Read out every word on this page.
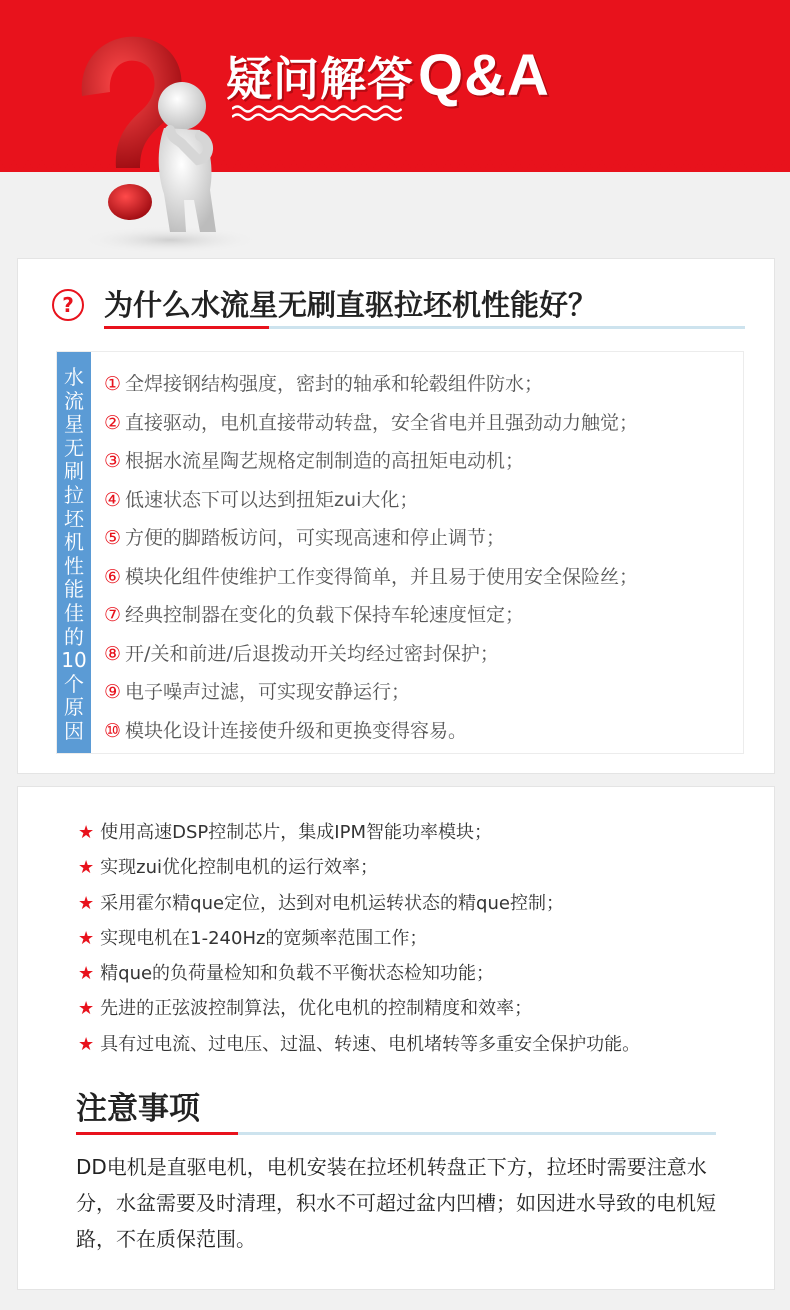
疑问解答Q&A
?	为什么水流星无刷直驱拉坯机性能好？
水
流
星
无
刷
拉
坯
机
性
能
佳
的
10
个
原
因
① 全焊接钢结构强度，密封的轴承和轮毂组件防水；
② 直接驱动，电机直接带动转盘，安全省电并且强劲动力触觉；
③ 根据水流星陶艺规格定制制造的高扭矩电动机；
④ 低速状态下可以达到扭矩zui大化；
⑤ 方便的脚踏板访问，可实现高速和停止调节；
⑥ 模块化组件使维护工作变得简单，并且易于使用安全保险丝；
⑦ 经典控制器在变化的负载下保持车轮速度恒定；
⑧ 开/关和前进/后退拨动开关均经过密封保护；
⑨ 电子噪声过滤，可实现安静运行；
⑩ 模块化设计连接使升级和更换变得容易。
★ 使用高速DSP控制芯片，集成IPM智能功率模块；
★ 实现zui优化控制电机的运行效率；
★ 采用霍尔精que定位，达到对电机运转状态的精que控制；
★ 实现电机在1-240Hz的宽频率范围工作；
★ 精que的负荷量检知和负载不平衡状态检知功能；
★ 先进的正弦波控制算法，优化电机的控制精度和效率；
★ 具有过电流、过电压、过温、转速、电机堵转等多重安全保护功能。
注意事项

DD电机是直驱电机，电机安装在拉坯机转盘正下方，拉坯时需要注意水分，水盆需要及时清理，积水不可超过盆内凹槽；如因进水导致的电机短路，不在质保范围。
